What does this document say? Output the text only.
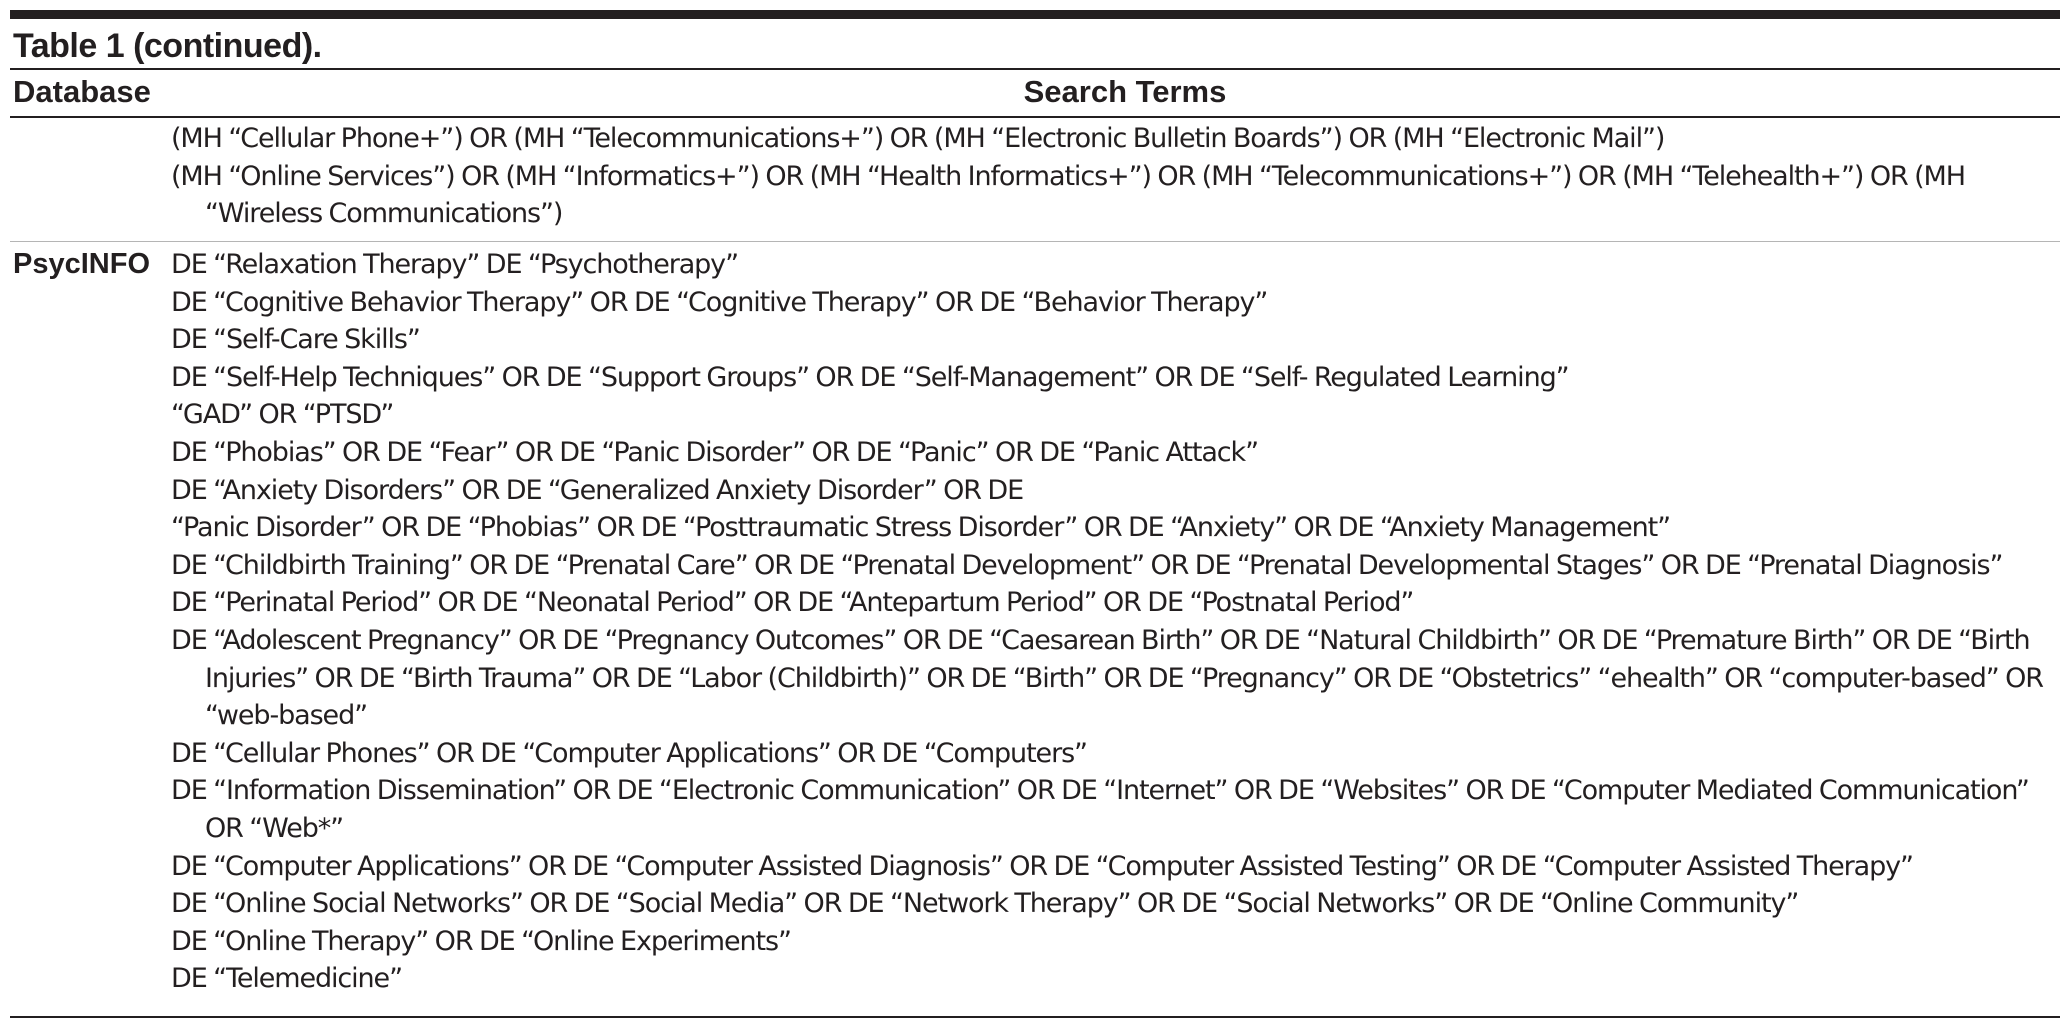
Table 1 (continued).
Database	Search Terms
(MH “Cellular Phone+”) OR (MH “Telecommunications+”) OR (MH “Electronic Bulletin Boards”) OR (MH “Electronic Mail”)
(MH “Online Services”) OR (MH “Informatics+”) OR (MH “Health Informatics+”) OR (MH “Telecommunications+”) OR (MH “Telehealth+”) OR (MH “Wireless Communications”)
PsycINFO DE “Relaxation Therapy” DE “Psychotherapy”
DE “Cognitive Behavior Therapy” OR DE “Cognitive Therapy” OR DE “Behavior Therapy”
DE “Self-Care Skills”
DE “Self-Help Techniques” OR DE “Support Groups” OR DE “Self-Management” OR DE “Self- Regulated Learning”
“GAD” OR “PTSD”
DE “Phobias” OR DE “Fear” OR DE “Panic Disorder” OR DE “Panic” OR DE “Panic Attack”
DE “Anxiety Disorders” OR DE “Generalized Anxiety Disorder” OR DE
“Panic Disorder” OR DE “Phobias” OR DE “Posttraumatic Stress Disorder” OR DE “Anxiety” OR DE “Anxiety Management”
DE “Childbirth Training” OR DE “Prenatal Care” OR DE “Prenatal Development” OR DE “Prenatal Developmental Stages” OR DE “Prenatal Diagnosis”
DE “Perinatal Period” OR DE “Neonatal Period” OR DE “Antepartum Period” OR DE “Postnatal Period”
DE “Adolescent Pregnancy” OR DE “Pregnancy Outcomes” OR DE “Caesarean Birth” OR DE “Natural Childbirth” OR DE “Premature Birth” OR DE “Birth Injuries” OR DE “Birth Trauma” OR DE “Labor (Childbirth)” OR DE “Birth” OR DE “Pregnancy” OR DE “Obstetrics” “ehealth” OR “computer-based” OR “web-based”
DE “Cellular Phones” OR DE “Computer Applications” OR DE “Computers”
DE “Information Dissemination” OR DE “Electronic Communication” OR DE “Internet” OR DE “Websites” OR DE “Computer Mediated Communication” OR “Web*”
DE “Computer Applications” OR DE “Computer Assisted Diagnosis” OR DE “Computer Assisted Testing” OR DE “Computer Assisted Therapy”
DE “Online Social Networks” OR DE “Social Media” OR DE “Network Therapy” OR DE “Social Networks” OR DE “Online Community”
DE “Online Therapy” OR DE “Online Experiments”
DE “Telemedicine”
